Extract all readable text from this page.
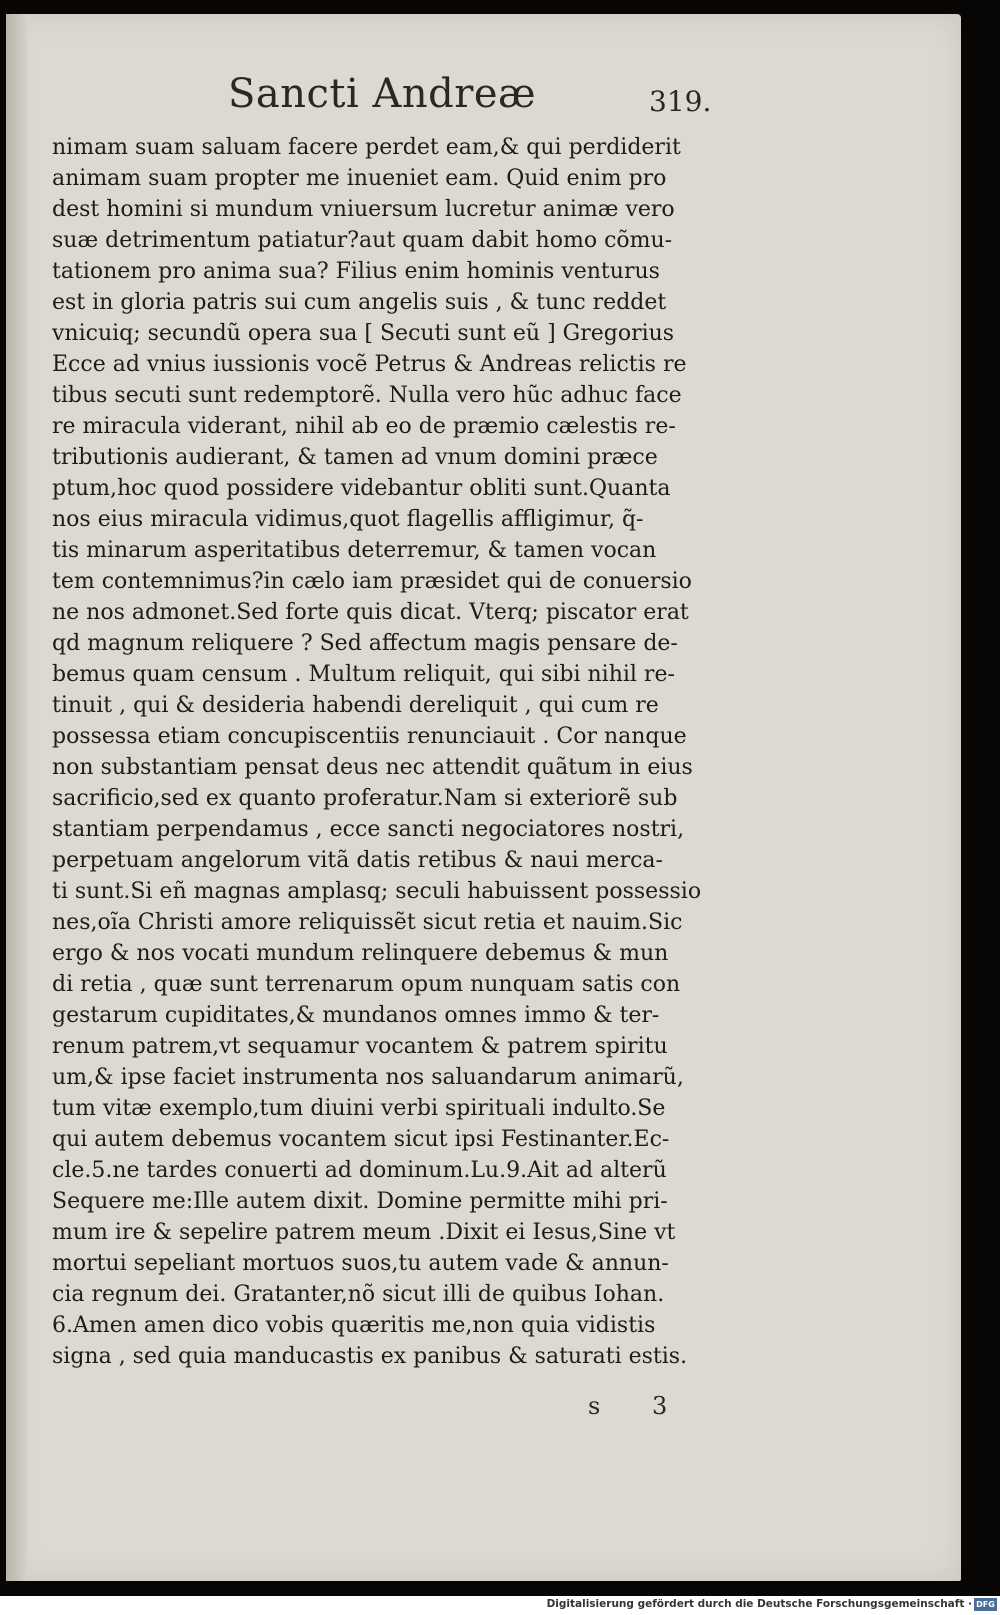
Sancti Andreæ	319.
nimam suam saluam facere perdet eam,& qui perdiderit
animam suam propter me inueniet eam. Quid enim pro
dest homini si mundum vniuersum lucretur animæ vero
suæ detrimentum patiatur?aut quam dabit homo cõmu-
tationem pro anima sua? Filius enim hominis venturus
est in gloria patris sui cum angelis suis , & tunc reddet
vnicuiq; secundũ opera sua [ Secuti sunt eũ ] Gregorius
Ecce ad vnius iussionis vocẽ Petrus & Andreas relictis re
tibus secuti sunt redemptorẽ. Nulla vero hũc adhuc face
re miracula viderant, nihil ab eo de præmio cælestis re-
tributionis audierant, & tamen ad vnum domini præce
ptum,hoc quod possidere videbantur obliti sunt.Quanta
nos eius miracula vidimus,quot flagellis affligimur, q̃-
tis minarum asperitatibus deterremur, & tamen vocan
tem contemnimus?in cælo iam præsidet qui de conuersio
ne nos admonet.Sed forte quis dicat. Vterq; piscator erat
qd magnum reliquere ? Sed affectum magis pensare de-
bemus quam censum . Multum reliquit, qui sibi nihil re-
tinuit , qui & desideria habendi dereliquit , qui cum re
possessa etiam concupiscentiis renunciauit . Cor nanque
non substantiam pensat deus nec attendit quãtum in eius
sacrificio,sed ex quanto proferatur.Nam si exteriorẽ sub
stantiam perpendamus , ecce sancti negociatores nostri,
perpetuam angelorum vitã datis retibus & naui merca-
ti sunt.Si eñ magnas amplasq; seculi habuissent possessio
nes,oĩa Christi amore reliquissẽt sicut retia et nauim.Sic
ergo & nos vocati mundum relinquere debemus & mun
di retia , quæ sunt terrenarum opum nunquam satis con
gestarum cupiditates,& mundanos omnes immo & ter-
renum patrem,vt sequamur vocantem & patrem spiritu
um,& ipse faciet instrumenta nos saluandarum animarũ,
tum vitæ exemplo,tum diuini verbi spirituali indulto.Se
qui autem debemus vocantem sicut ipsi Festinanter.Ec-
cle.5.ne tardes conuerti ad dominum.Lu.9.Ait ad alterũ
Sequere me:Ille autem dixit. Domine permitte mihi pri-
mum ire & sepelire patrem meum .Dixit ei Iesus,Sine vt
mortui sepeliant mortuos suos,tu autem vade & annun-
cia regnum dei. Gratanter,nõ sicut illi de quibus Iohan.
6.Amen amen dico vobis quæritis me,non quia vidistis
signa , sed quia manducastis ex panibus & saturati estis.
s 3
Digitalisierung gefördert durch die Deutsche Forschungsgemeinschaft · DFG
